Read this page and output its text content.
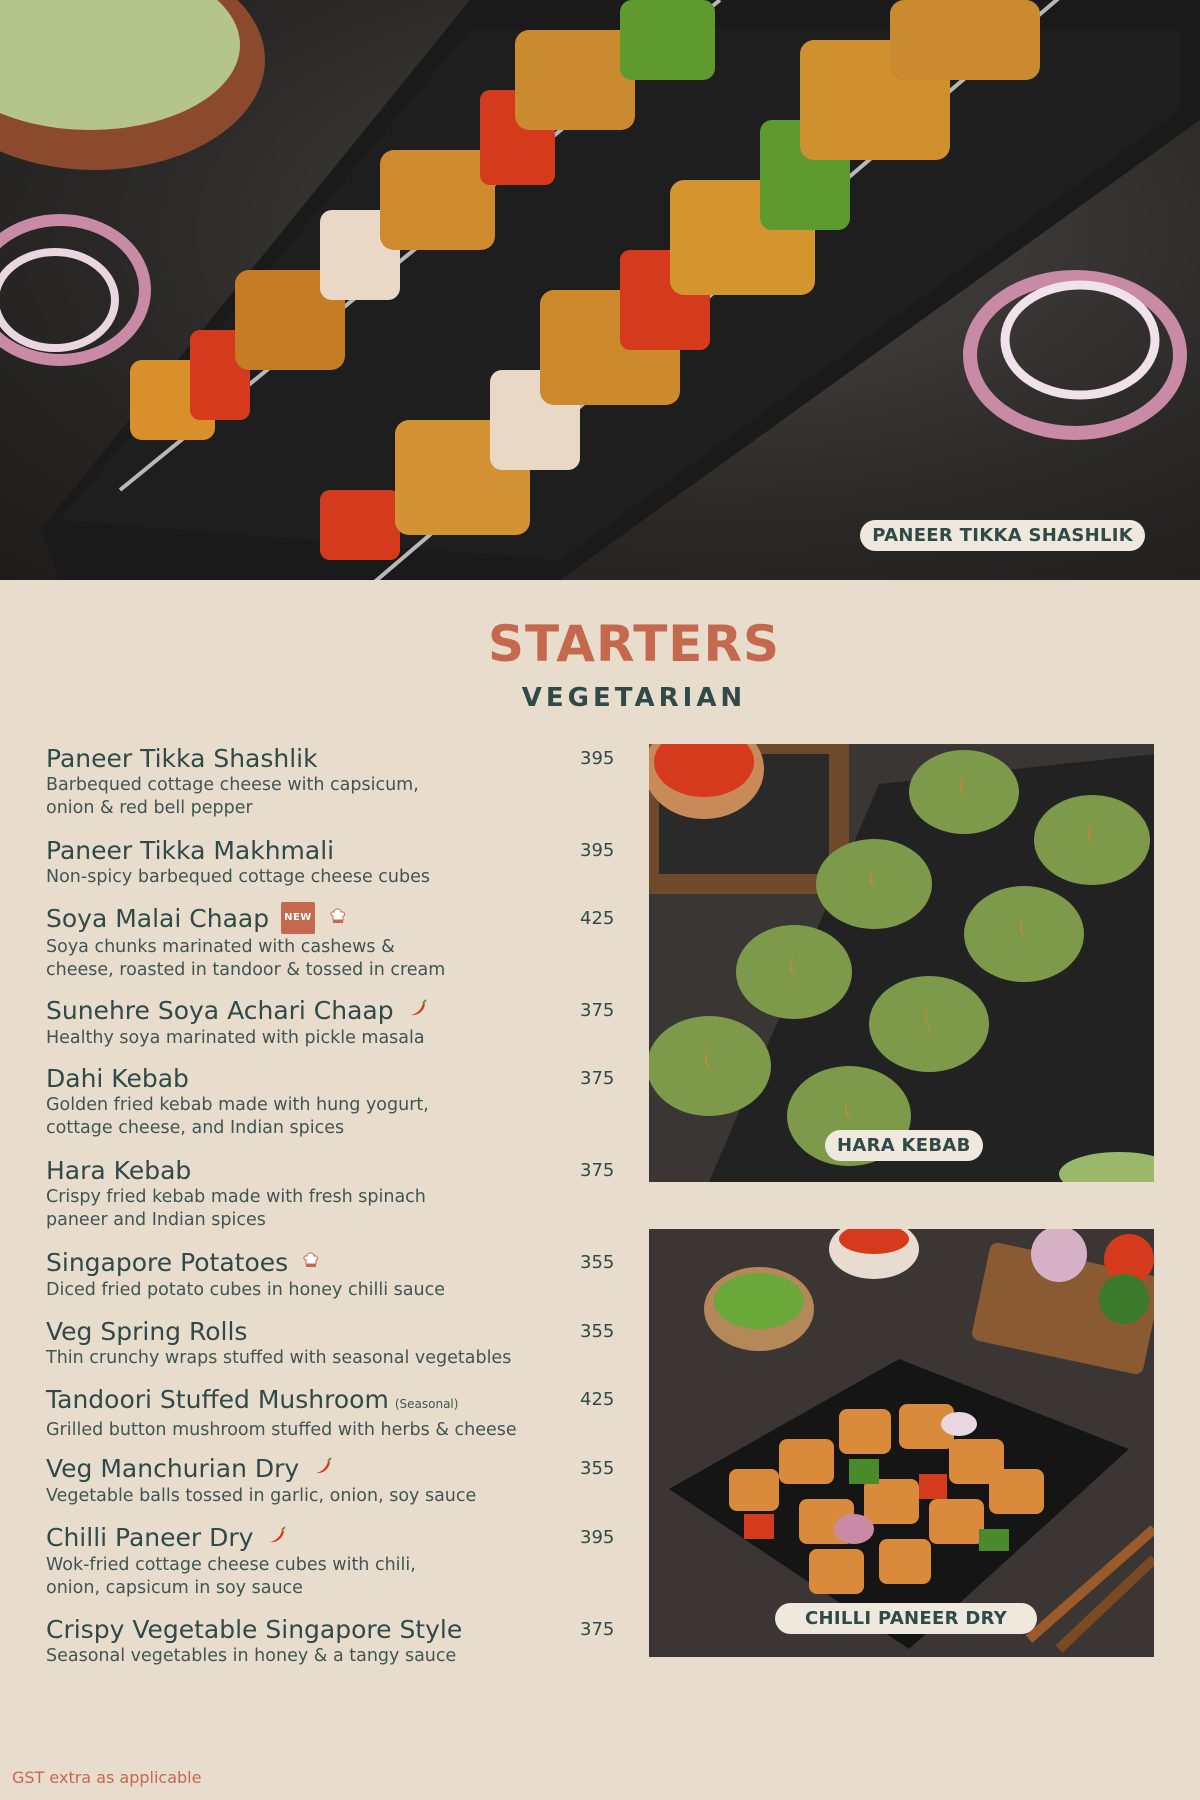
PANEER TIKKA SHASHLIK
STARTERS
VEGETARIAN
Paneer Tikka Shashlik
Barbequed cottage cheese with capsicum,
onion & red bell pepper
395
Paneer Tikka Makhmali
Non-spicy barbequed cottage cheese cubes
395
Soya Malai Chaap NEW
Soya chunks marinated with cashews &
cheese, roasted in tandoor & tossed in cream
425
Sunehre Soya Achari Chaap
Healthy soya marinated with pickle masala
375
Dahi Kebab
Golden fried kebab made with hung yogurt,
cottage cheese, and Indian spices
375
Hara Kebab
Crispy fried kebab made with fresh spinach
paneer and Indian spices
375
Singapore Potatoes
Diced fried potato cubes in honey chilli sauce
355
Veg Spring Rolls
Thin crunchy wraps stuffed with seasonal vegetables
355
Tandoori Stuffed Mushroom (Seasonal)
Grilled button mushroom stuffed with herbs & cheese
425
Veg Manchurian Dry
Vegetable balls tossed in garlic, onion, soy sauce
355
Chilli Paneer Dry
Wok-fried cottage cheese cubes with chili,
onion, capsicum in soy sauce
395
Crispy Vegetable Singapore Style
Seasonal vegetables in honey & a tangy sauce
375
HARA KEBAB
CHILLI PANEER DRY
GST extra as applicable
